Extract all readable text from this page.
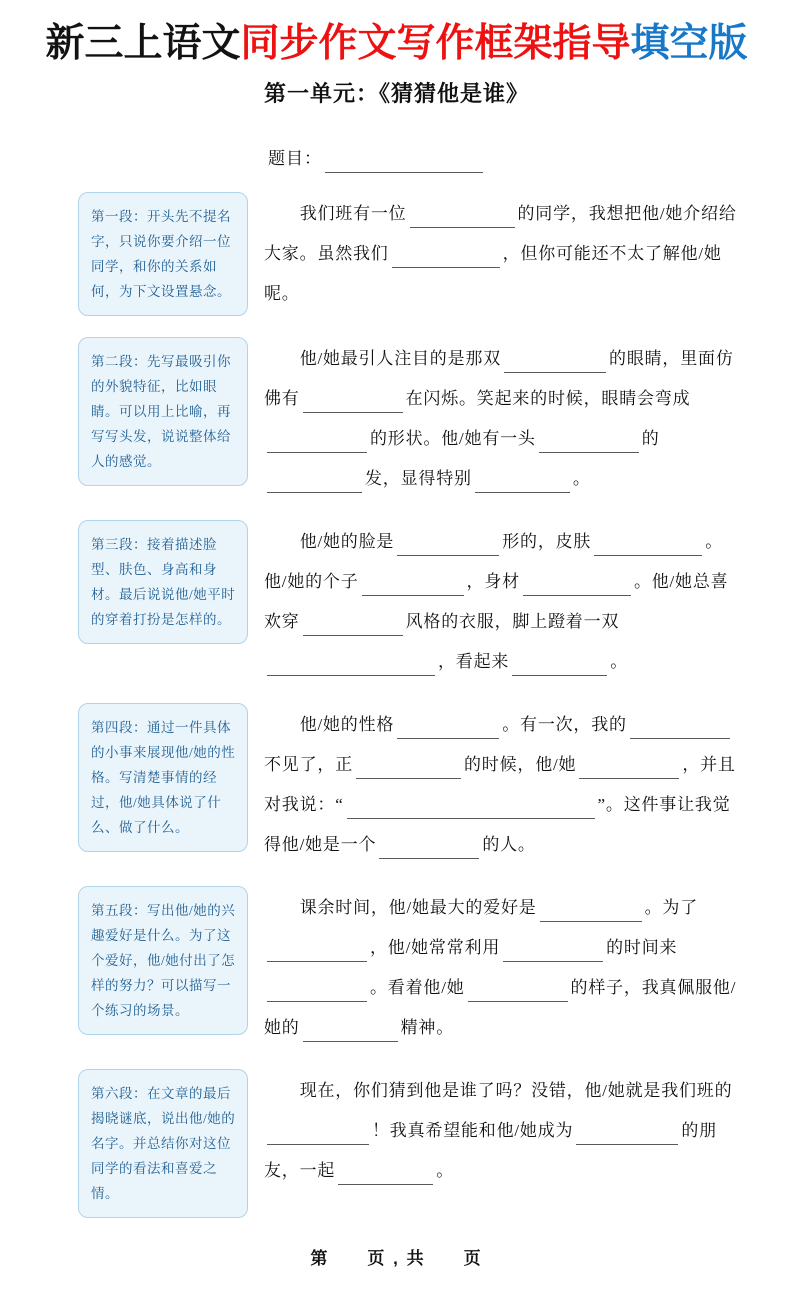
新三上语文同步作文写作框架指导填空版
第一单元：《猜猜他是谁》
题目：
第一段：开头先不提名字，只说你要介绍一位同学，和你的关系如何，为下文设置悬念。
我们班有一位	的同学，我想把他/她介绍给大家。虽然我们	，但你可能还不太了解他/她呢。
第二段：先写最吸引你的外貌特征，比如眼睛。可以用上比喻，再写写头发，说说整体给人的感觉。
他/她最引人注目的是那双	的眼睛，里面仿佛有	在闪烁。笑起来的时候，眼睛会弯成的形状。他/她有一头	的发，显得特别	。
第三段：接着描述脸型、肤色、身高和身材。最后说说他/她平时的穿着打扮是怎样的。
他/她的脸是	形的，皮肤	。他/她的个子	，身材	。他/她总喜欢穿	风格的衣服，脚上蹬着一双，看起来	。
第四段：通过一件具体的小事来展现他/她的性格。写清楚事情的经过，他/她具体说了什么、做了什么。
他/她的性格	。有一次，我的不见了，正	的时候，他/她	，并且对我说：“	”。这件事让我觉得他/她是一个	的人。
第五段：写出他/她的兴趣爱好是什么。为了这个爱好，他/她付出了怎样的努力？可以描写一个练习的场景。
课余时间，他/她最大的爱好是	。为了，他/她常常利用	的时间来。看着他/她	的样子，我真佩服他/她的	精神。
第六段：在文章的最后揭晓谜底，说出他/她的名字。并总结你对这位同学的看法和喜爱之情。
现在，你们猜到他是谁了吗？没错，他/她就是我们班的！我真希望能和他/她成为	的朋友，一起	。
第　　页 , 共　　页
